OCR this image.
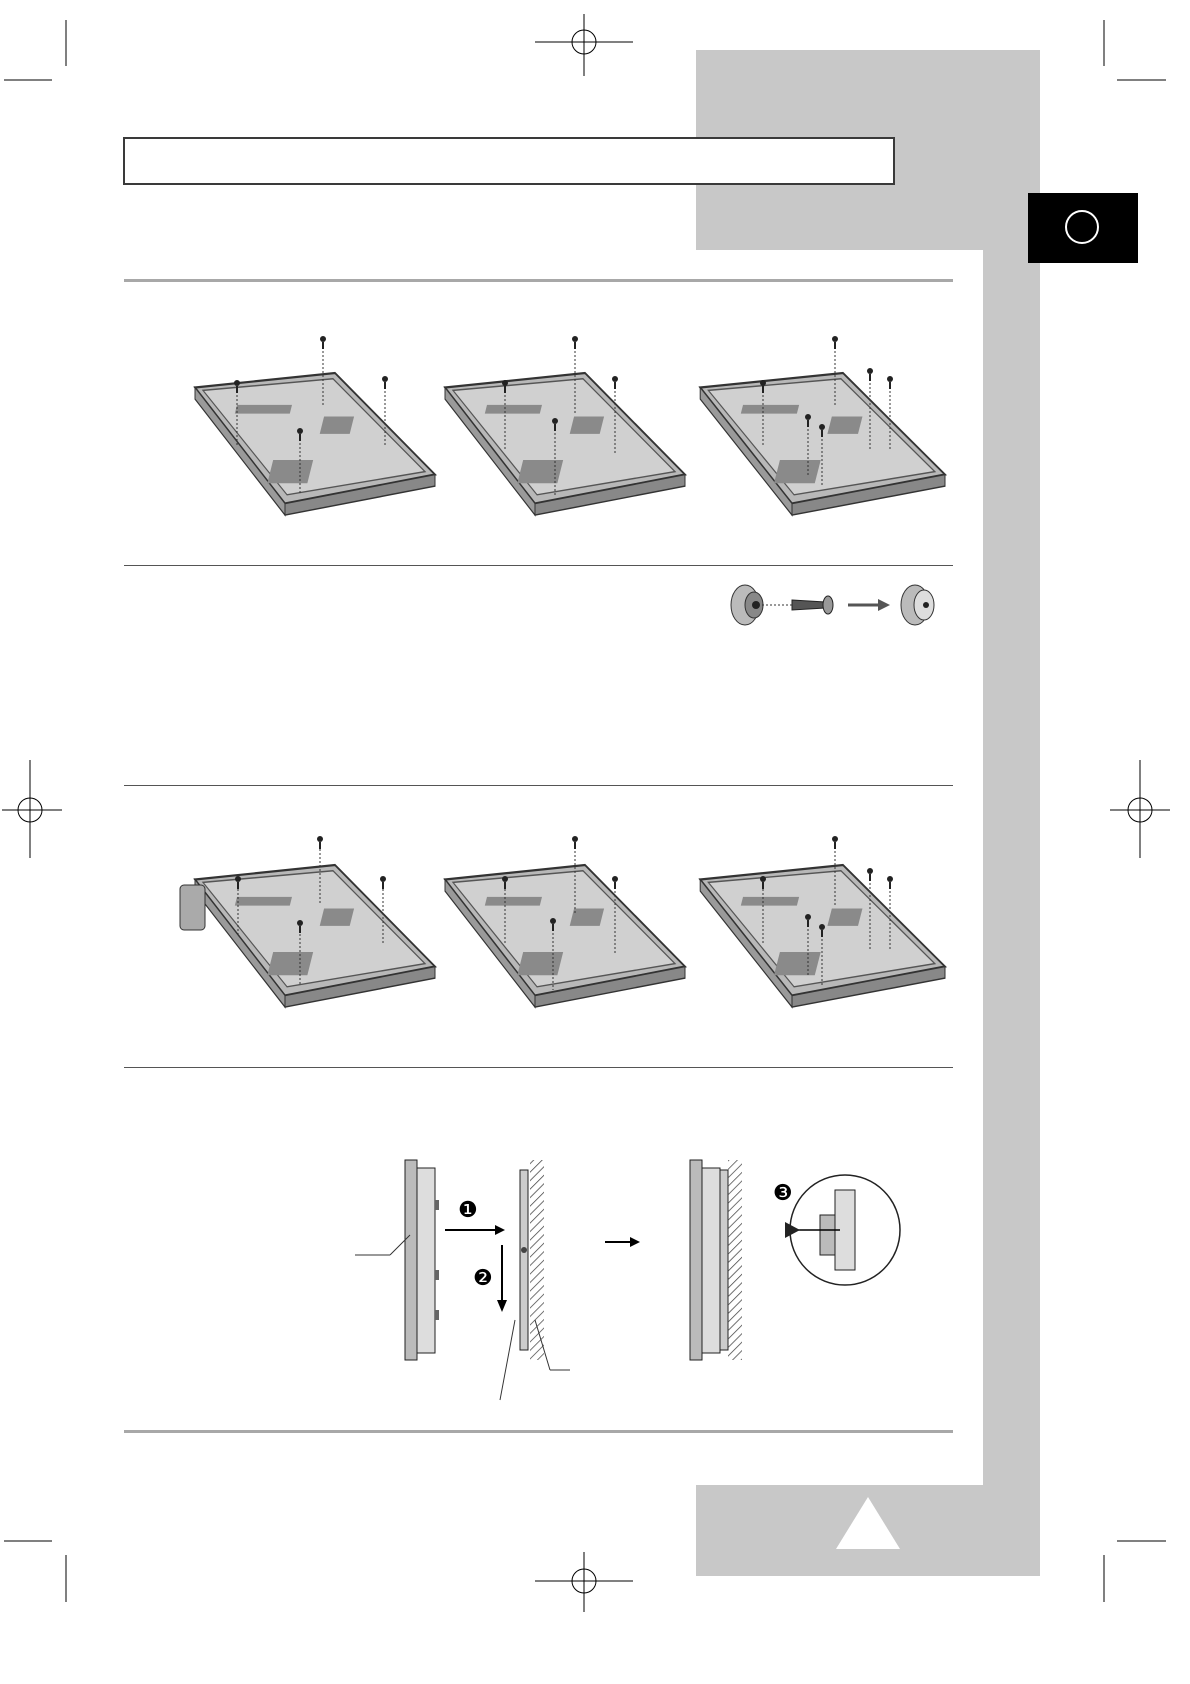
❶
❷
❸
